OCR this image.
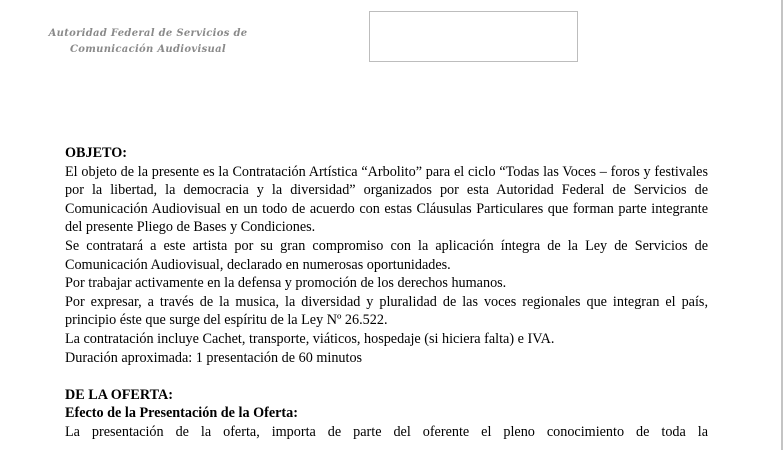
Autoridad Federal de Servicios de
Comunicación Audiovisual

OBJETO:

El objeto de la presente es la Contratación Artística “Arbolito” para el ciclo “Todas las Voces – foros y festivales por la libertad, la democracia y la diversidad” organizados por esta Autoridad Federal de Servicios de Comunicación Audiovisual en un todo de acuerdo con estas Cláusulas Particulares que forman parte integrante del presente Pliego de Bases y Condiciones.

Se contratará a este artista por su gran compromiso con la aplicación íntegra de la Ley de Servicios de Comunicación Audiovisual, declarado en numerosas oportunidades.

Por trabajar activamente en la defensa y promoción de los derechos humanos.

Por expresar, a través de la musica, la diversidad y pluralidad de las voces regionales que integran el país, principio éste que surge del espíritu de la Ley Nº 26.522.

La contratación incluye Cachet, transporte, viáticos, hospedaje (si hiciera falta) e IVA.

Duración aproximada: 1 presentación de 60 minutos

DE LA OFERTA:

Efecto de la Presentación de la Oferta:

La presentación de la oferta, importa de parte del oferente el pleno conocimiento de toda la
